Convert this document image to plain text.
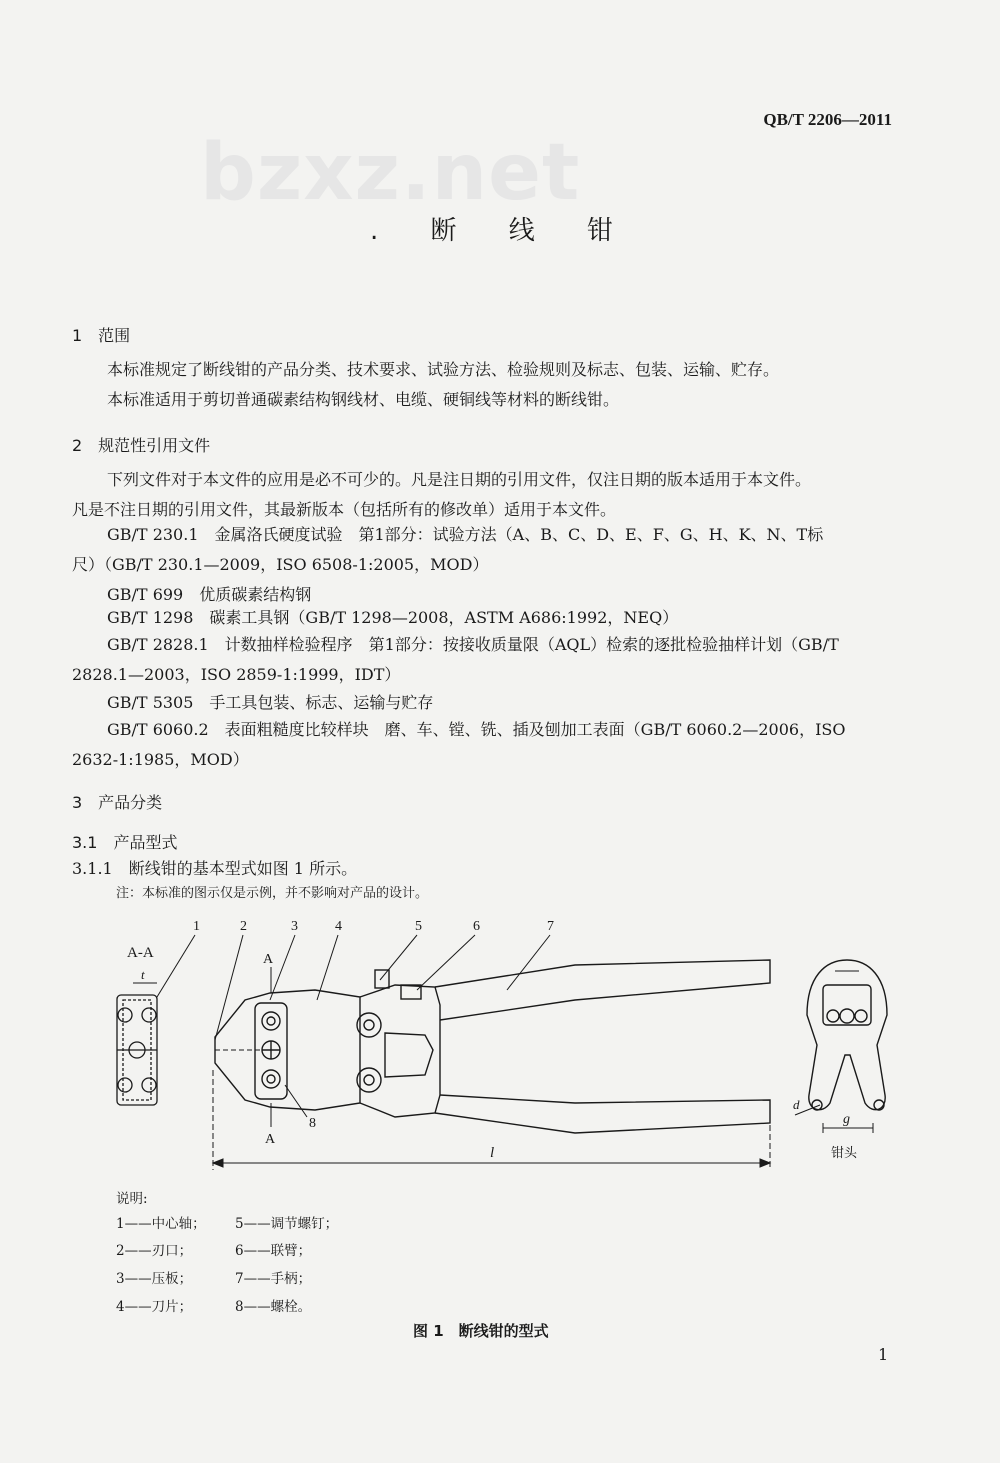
QB/T 2206—2011
bzxz.net
. 断 线 钳
1　范围
本标准规定了断线钳的产品分类、技术要求、试验方法、检验规则及标志、包装、运输、贮存。
本标准适用于剪切普通碳素结构钢线材、电缆、硬铜线等材料的断线钳。
2　规范性引用文件
下列文件对于本文件的应用是必不可少的。凡是注日期的引用文件，仅注日期的版本适用于本文件。
凡是不注日期的引用文件，其最新版本（包括所有的修改单）适用于本文件。
GB/T 230.1　金属洛氏硬度试验　第1部分：试验方法（A、B、C、D、E、F、G、H、K、N、T标
尺）（GB/T 230.1—2009，ISO 6508-1:2005，MOD）
GB/T 699　优质碳素结构钢
GB/T 1298　碳素工具钢（GB/T 1298—2008，ASTM A686:1992，NEQ）
GB/T 2828.1　计数抽样检验程序　第1部分：按接收质量限（AQL）检索的逐批检验抽样计划（GB/T
2828.1—2003，ISO 2859-1:1999，IDT）
GB/T 5305　手工具包装、标志、运输与贮存
GB/T 6060.2　表面粗糙度比较样块　磨、车、镗、铣、插及刨加工表面（GB/T 6060.2—2006，ISO
2632-1:1985，MOD）
3　产品分类
3.1　产品型式
3.1.1　断线钳的基本型式如图 1 所示。
注：本标准的图示仅是示例，并不影响对产品的设计。
A-A
t
1	2	3	4	5	6	7
8
A
A
l
d
g
钳头
说明:
1——中心轴；
2——刃口；
3——压板；
4——刀片；
5——调节螺钉；
6——联臂；
7——手柄；
8——螺栓。
图 1　断线钳的型式
1
